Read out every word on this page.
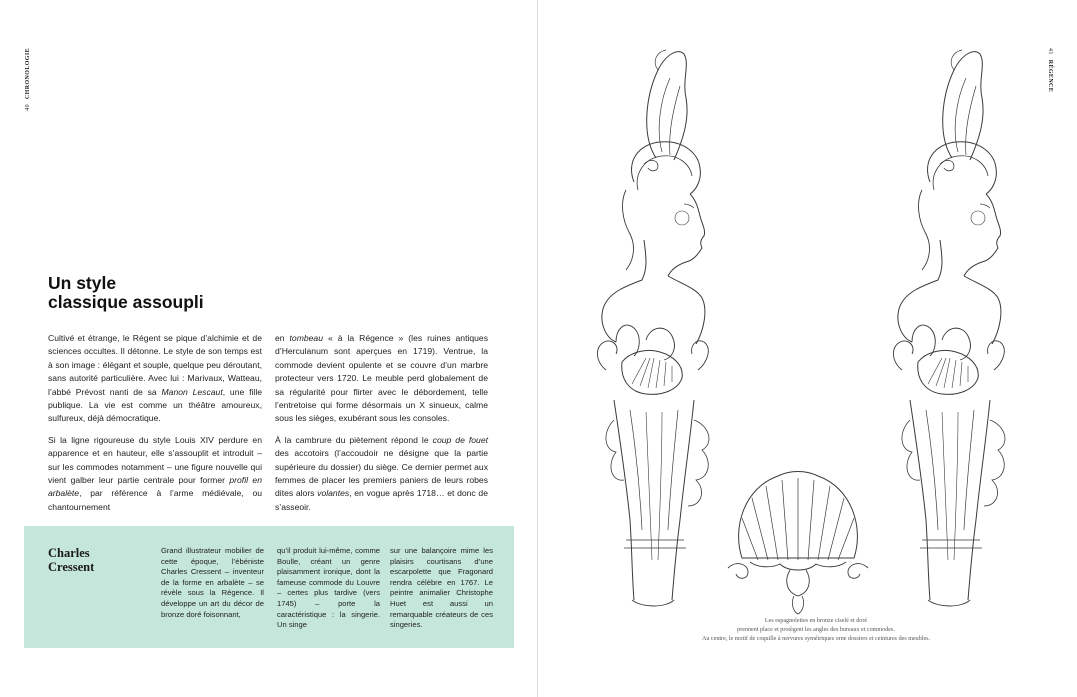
40 CHRONOLOGIE	41 RÉGENCE
Un style
classique assoupli

Cultivé et étrange, le Régent se pique d’alchimie et de sciences occultes. Il détonne. Le style de son temps est à son image : élégant et souple, quelque peu déroutant, sans autorité particulière. Avec lui : Marivaux, Watteau, l’abbé Prévost nanti de sa Manon Lescaut, une fille publique. La vie est comme un théâtre amoureux, sulfureux, déjà démocratique.

Si la ligne rigoureuse du style Louis XIV perdure en apparence et en hauteur, elle s’assouplit et introduit – sur les commodes notamment – une figure nouvelle qui vient galber leur partie centrale pour former profil en arbalète, par référence à l’arme médiévale, ou chantournement

en tombeau « à la Régence » (les ruines antiques d’Herculanum sont aperçues en 1719). Ventrue, la commode devient opulente et se couvre d’un marbre protecteur vers 1720. Le meuble perd globalement de sa régularité pour flirter avec le débordement, telle l’entretoise qui forme désormais un X sinueux, calme sous les sièges, exubérant sous les consoles.

À la cambrure du piètement répond le coup de fouet des accotoirs (l’accoudoir ne désigne que la partie supérieure du dossier) du siège. Ce dernier permet aux femmes de placer les premiers paniers de leurs robes dites alors volantes, en vogue après 1718… et donc de s’asseoir.

Charles
Cressent
Grand illustrateur mobilier de cette époque, l’ébéniste Charles Cressent – inventeur de la forme en arbalète – se révèle sous la Régence. Il développe un art du décor de bronze doré foisonnant,
qu’il produit lui-même, comme Boulle, créant un genre plaisamment ironique, dont la fameuse commode du Louvre – certes plus tardive (vers 1745) – porte la caractéristique : la singerie. Un singe
sur une balançoire mime les plaisirs courtisans d’une escarpolette que Fragonard rendra célèbre en 1767. Le peintre animalier Christophe Huet est aussi un remarquable créateurs de ces singeries.	Les espagnolettes en bronze ciselé et doré
prennent place et protègent les angles des bureaux et commodes.
Au centre, le motif de coquille à nervures symétriques orne dossiers et ceintures des meubles.
